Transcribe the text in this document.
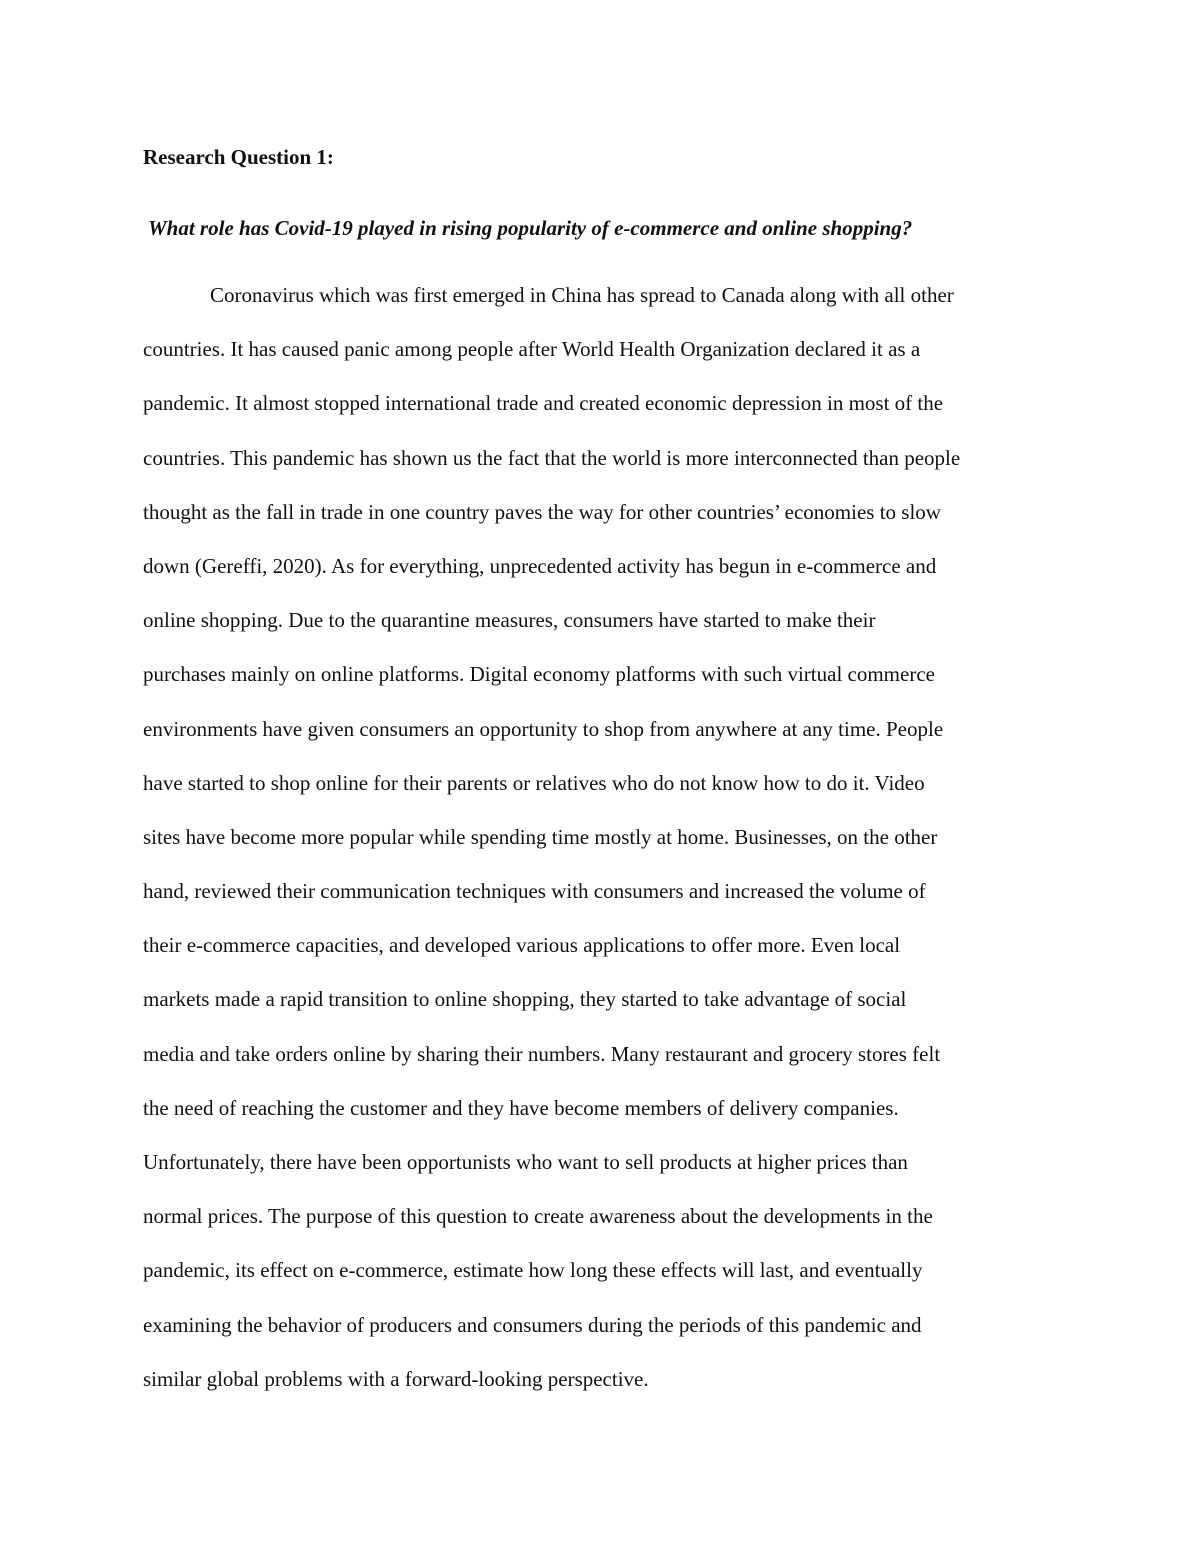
Research Question 1:
What role has Covid-19 played in rising popularity of e-commerce and online shopping?
Coronavirus which was first emerged in China has spread to Canada along with all other
countries. It has caused panic among people after World Health Organization declared it as a
pandemic. It almost stopped international trade and created economic depression in most of the
countries. This pandemic has shown us the fact that the world is more interconnected than people
thought as the fall in trade in one country paves the way for other countries’ economies to slow
down (Gereffi, 2020). As for everything, unprecedented activity has begun in e-commerce and
online shopping. Due to the quarantine measures, consumers have started to make their
purchases mainly on online platforms. Digital economy platforms with such virtual commerce
environments have given consumers an opportunity to shop from anywhere at any time. People
have started to shop online for their parents or relatives who do not know how to do it. Video
sites have become more popular while spending time mostly at home. Businesses, on the other
hand, reviewed their communication techniques with consumers and increased the volume of
their e-commerce capacities, and developed various applications to offer more. Even local
markets made a rapid transition to online shopping, they started to take advantage of social
media and take orders online by sharing their numbers. Many restaurant and grocery stores felt
the need of reaching the customer and they have become members of delivery companies.
Unfortunately, there have been opportunists who want to sell products at higher prices than
normal prices. The purpose of this question to create awareness about the developments in the
pandemic, its effect on e-commerce, estimate how long these effects will last, and eventually
examining the behavior of producers and consumers during the periods of this pandemic and
similar global problems with a forward-looking perspective.
